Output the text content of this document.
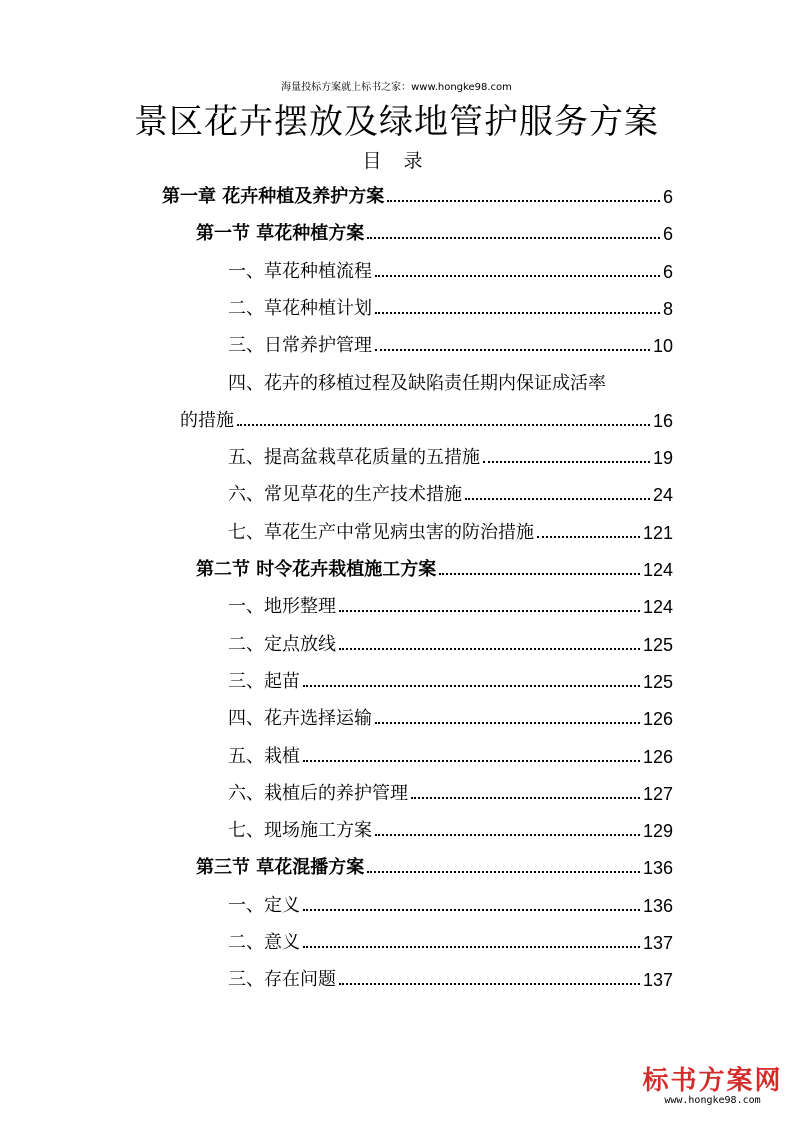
海量投标方案就上标书之家：www.hongke98.com
景区花卉摆放及绿地管护服务方案
目 录
第一章 花卉种植及养护方案	6
第一节 草花种植方案	6
一、草花种植流程	6
二、草花种植计划	8
三、日常养护管理	10
四、花卉的移植过程及缺陷责任期内保证成活率
的措施	16
五、提高盆栽草花质量的五措施	19
六、常见草花的生产技术措施	24
七、草花生产中常见病虫害的防治措施	121
第二节 时令花卉栽植施工方案	124
一、地形整理	124
二、定点放线	125
三、起苗	125
四、花卉选择运输	126
五、栽植	126
六、栽植后的养护管理	127
七、现场施工方案	129
第三节 草花混播方案	136
一、定义	136
二、意义	137
三、存在问题	137
标书方案网
www.hongke98.com
